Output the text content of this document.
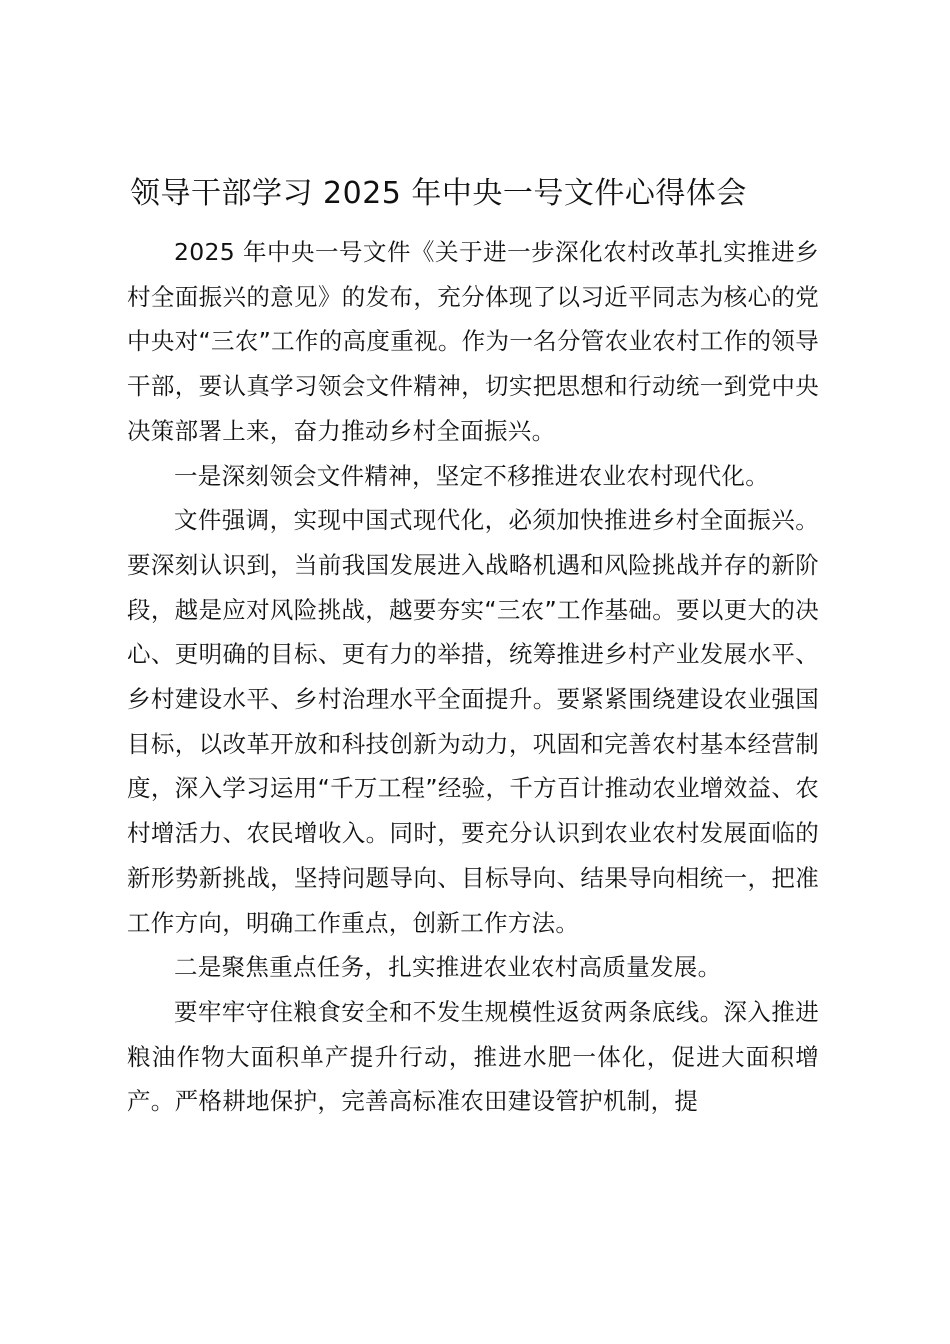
领导干部学习 2025 年中央一号文件心得体会

2025 年中央一号文件《关于进一步深化农村改革扎实推进乡村全面振兴的意见》的发布，充分体现了以习近平同志为核心的党中央对“三农”工作的高度重视。作为一名分管农业农村工作的领导干部，要认真学习领会文件精神，切实把思想和行动统一到党中央决策部署上来，奋力推动乡村全面振兴。

一是深刻领会文件精神，坚定不移推进农业农村现代化。

文件强调，实现中国式现代化，必须加快推进乡村全面振兴。要深刻认识到，当前我国发展进入战略机遇和风险挑战并存的新阶段，越是应对风险挑战，越要夯实“三农”工作基础。要以更大的决心、更明确的目标、更有力的举措，统筹推进乡村产业发展水平、乡村建设水平、乡村治理水平全面提升。要紧紧围绕建设农业强国目标，以改革开放和科技创新为动力，巩固和完善农村基本经营制度，深入学习运用“千万工程”经验，千方百计推动农业增效益、农村增活力、农民增收入。同时，要充分认识到农业农村发展面临的新形势新挑战，坚持问题导向、目标导向、结果导向相统一，把准工作方向，明确工作重点，创新工作方法。

二是聚焦重点任务，扎实推进农业农村高质量发展。

要牢牢守住粮食安全和不发生规模性返贫两条底线。深入推进粮油作物大面积单产提升行动，推进水肥一体化，促进大面积增产。严格耕地保护，完善高标准农田建设管护机制，提
